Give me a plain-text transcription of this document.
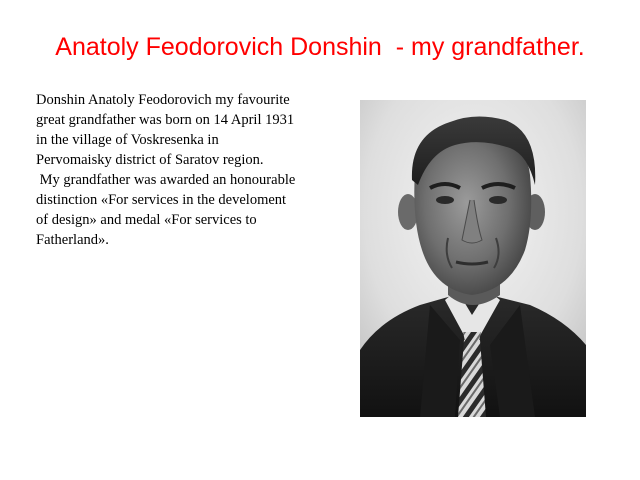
Anatoly Feodorovich Donshin  - my grandfather.

Donshin Anatoly Feodorovich my favourite
great grandfather was born on 14 April 1931
in the village of Voskresenka in
Pervomaisky district of Saratov region.

My grandfather was awarded an honourable
distinction «For services in the develoment
of design» and medal «For services to
Fatherland».
